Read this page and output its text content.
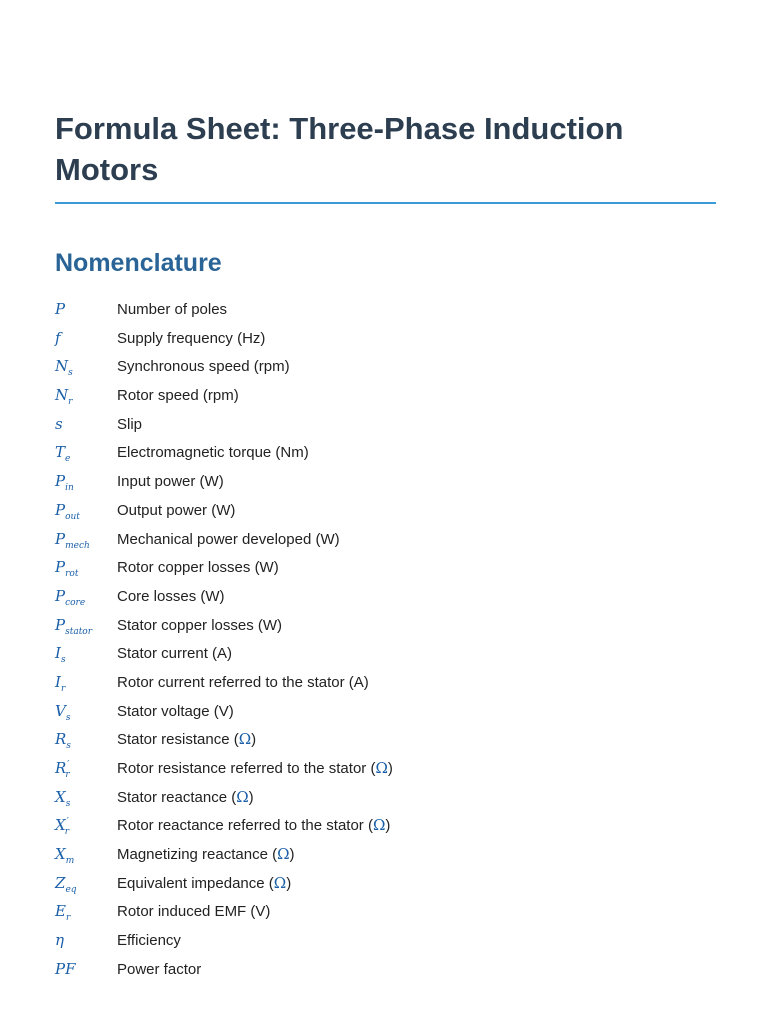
Formula Sheet: Three-Phase Induction
Motors
Nomenclature
P	Number of poles
f	Supply frequency (Hz)
$N_s$	Synchronous speed (rpm)
$N_r$	Rotor speed (rpm)
s	Slip
$T_e$	Electromagnetic torque (Nm)
$P_{in}$	Input power (W)
$P_{out}$	Output power (W)
$P_{mech}$	Mechanical power developed (W)
$P_{rot}$	Rotor copper losses (W)
$P_{core}$	Core losses (W)
$P_{stator}$	Stator copper losses (W)
$I_s$	Stator current (A)
$I_r$	Rotor current referred to the stator (A)
$V_s$	Stator voltage (V)
$R_s$	Stator resistance (Ω)
$R'_r$	Rotor resistance referred to the stator (Ω)
$X_s$	Stator reactance (Ω)
$X'_r$	Rotor reactance referred to the stator (Ω)
$X_m$	Magnetizing reactance (Ω)
$Z_{eq}$	Equivalent impedance (Ω)
$E_r$	Rotor induced EMF (V)
η	Efficiency
PF	Power factor
